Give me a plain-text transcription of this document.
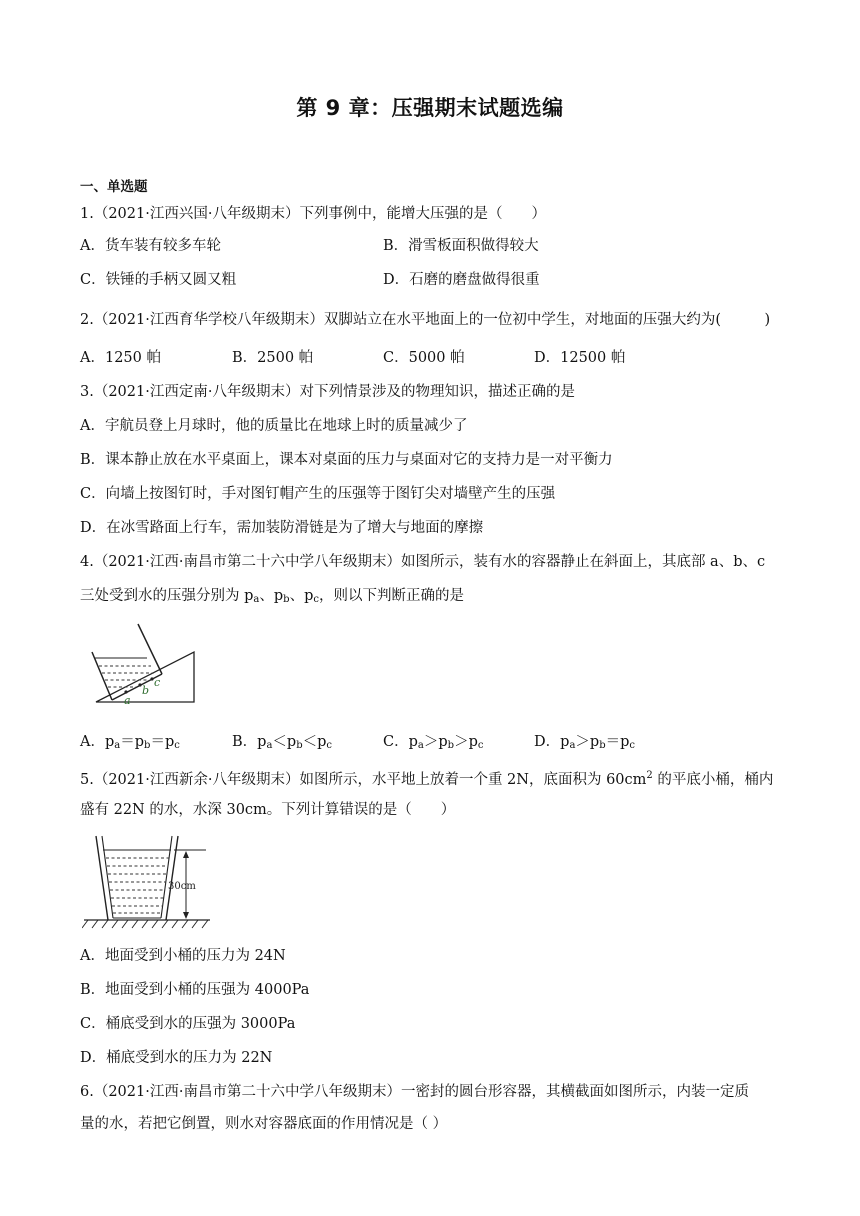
第 9 章：压强期末试题选编
一、单选题
1.（2021·江西兴国·八年级期末）下列事例中，能增大压强的是（　　）
A．货车装有较多车轮	B．滑雪板面积做得较大
C．铁锤的手柄又圆又粗	D．石磨的磨盘做得很重
2.（2021·江西育华学校八年级期末）双脚站立在水平地面上的一位初中学生，对地面的压强大约为(　　　)
A．1250 帕	B．2500 帕	C．5000 帕	D．12500 帕
3.（2021·江西定南·八年级期末）对下列情景涉及的物理知识，描述正确的是
A．宇航员登上月球时，他的质量比在地球上时的质量减少了
B．课本静止放在水平桌面上，课本对桌面的压力与桌面对它的支持力是一对平衡力
C．向墙上按图钉时，手对图钉帽产生的压强等于图钉尖对墙壁产生的压强
D．在冰雪路面上行车，需加装防滑链是为了增大与地面的摩擦
4.（2021·江西·南昌市第二十六中学八年级期末）如图所示，装有水的容器静止在斜面上，其底部 a、b、c
三处受到水的压强分别为 $p_a$、$p_b$、$p_c$，则以下判断正确的是
a
b
c
A．$p_a=p_b=p_c$	B．$p_a<p_b<p_c$	C．$p_a>p_b>p_c$	D．$p_a>p_b=p_c$
5.（2021·江西新余·八年级期末）如图所示，水平地上放着一个重 2N，底面积为 $60cm^2$ 的平底小桶，桶内
盛有 22N 的水，水深 30cm。下列计算错误的是（　　）
30cm
A．地面受到小桶的压力为 24N
B．地面受到小桶的压强为 4000Pa
C．桶底受到水的压强为 3000Pa
D．桶底受到水的压力为 22N
6.（2021·江西·南昌市第二十六中学八年级期末）一密封的圆台形容器，其横截面如图所示，内装一定质
量的水，若把它倒置，则水对容器底面的作用情况是（ ）
